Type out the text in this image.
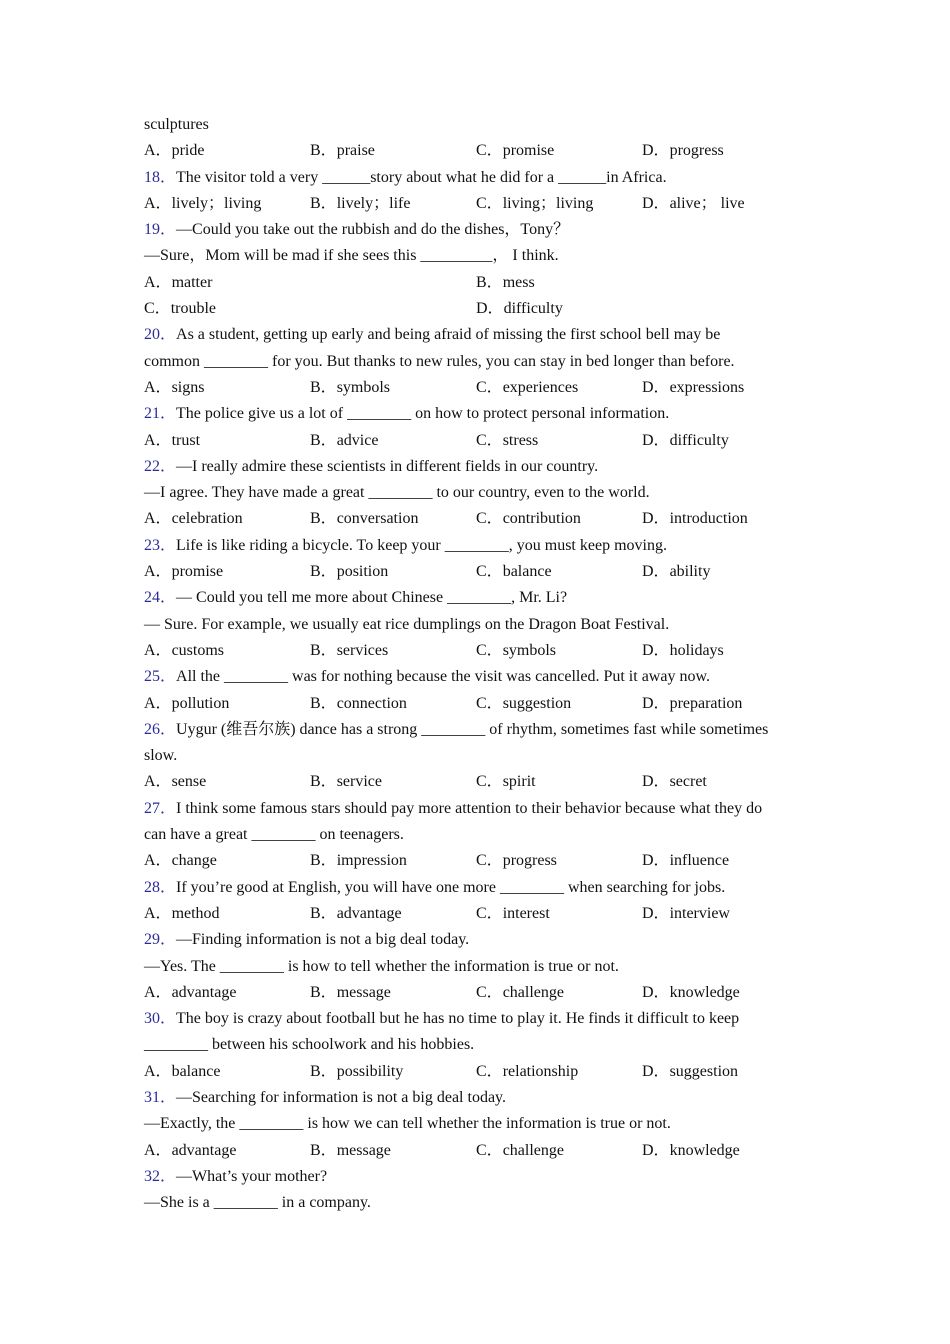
sculptures
A．pride	B．praise	C．promise	D．progress
18．The visitor told a very ______story about what he did for a ______in Africa.
A．lively；living	B．lively；life	C．living；living	D．alive； live
19．—Could you take out the rubbish and do the dishes，Tony？
—Sure，Mom will be mad if she sees this _________， I think.
A．matter	B．mess
C．trouble	D．difficulty
20．As a student, getting up early and being afraid of missing the first school bell may be
common ________ for you. But thanks to new rules, you can stay in bed longer than before.
A．signs	B．symbols	C．experiences	D．expressions
21．The police give us a lot of ________ on how to protect personal information.
A．trust	B．advice	C．stress	D．difficulty
22．—I really admire these scientists in different fields in our country.
—I agree. They have made a great ________ to our country, even to the world.
A．celebration	B．conversation	C．contribution	D．introduction
23．Life is like riding a bicycle. To keep your ________, you must keep moving.
A．promise	B．position	C．balance	D．ability
24．— Could you tell me more about Chinese ________, Mr. Li?
— Sure. For example, we usually eat rice dumplings on the Dragon Boat Festival.
A．customs	B．services	C．symbols	D．holidays
25．All the ________ was for nothing because the visit was cancelled. Put it away now.
A．pollution	B．connection	C．suggestion	D．preparation
26．Uygur (维吾尔族) dance has a strong ________ of rhythm, sometimes fast while sometimes
slow.
A．sense	B．service	C．spirit	D．secret
27．I think some famous stars should pay more attention to their behavior because what they do
can have a great ________ on teenagers.
A．change	B．impression	C．progress	D．influence
28．If you’re good at English, you will have one more ________ when searching for jobs.
A．method	B．advantage	C．interest	D．interview
29．—Finding information is not a big deal today.
—Yes. The ________ is how to tell whether the information is true or not.
A．advantage	B．message	C．challenge	D．knowledge
30．The boy is crazy about football but he has no time to play it. He finds it difficult to keep
________ between his schoolwork and his hobbies.
A．balance	B．possibility	C．relationship	D．suggestion
31．—Searching for information is not a big deal today.
—Exactly, the ________ is how we can tell whether the information is true or not.
A．advantage	B．message	C．challenge	D．knowledge
32．—What’s your mother?
—She is a ________ in a company.
